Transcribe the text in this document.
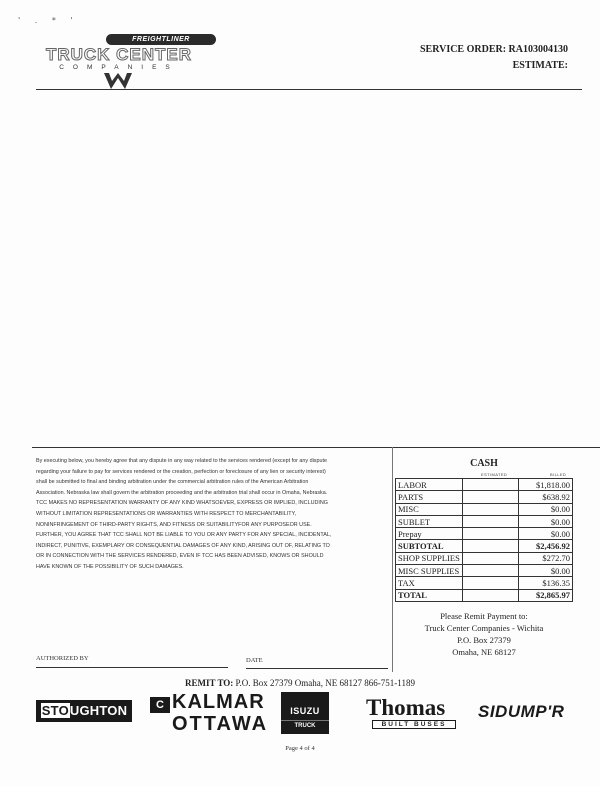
' . * '
FREIGHTLINER
TRUCK CENTER
COMPANIES
SERVICE ORDER: RA103004130
ESTIMATE:
By executing below, you hereby agree that any dispute in any way related to the services rendered (except for any dispute regarding your failure to pay for services rendered or the creation, perfection or foreclosure of any lien or security interest) shall be submitted to final and binding arbitration under the commercial arbitration rules of the American Arbitration Association. Nebraska law shall govern the arbitration proceeding and the arbitration trial shall occur in Omaha, Nebraska. TCC MAKES NO REPRESENTATION WARRANTY OF ANY KIND WHATSOEVER, EXPRESS OR IMPLIED, INCLUDING WITHOUT LIMITATION REPRESENTATIONS OR WARRANTIES WITH RESPECT TO MERCHANTABILITY, NONINFRINGEMENT OF THIRD-PARTY RIGHTS, AND FITNESS OR SUITABILITYFOR ANY PURPOSEOR USE. FURTHER, YOU AGREE THAT TCC SHALL NOT BE LIABLE TO YOU OR ANY PARTY FOR ANY SPECIAL, INCIDENTAL, INDIRECT, PUNITIVE, EXEMPLARY OR CONSEQUENTIAL DAMAGES OF ANY KIND, ARISING OUT OF, RELATING TO OR IN CONNECTION WITH THE SERVICES RENDERED, EVEN IF TCC HAS BEEN ADVISED, KNOWS OR SHOULD HAVE KNOWN OF THE POSSIBILITY OF SUCH DAMAGES.
CASH
ESTIMATED	BILLED
LABOR		$1,818.00
PARTS		$638.92
MISC		$0.00
SUBLET		$0.00
Prepay		$0.00
SUBTOTAL		$2,456.92
SHOP SUPPLIES		$272.70
MISC SUPPLIES		$0.00
TAX		$136.35
TOTAL		$2,865.97
Please Remit Payment to:
Truck Center Companies - Wichita
P.O. Box 27379
Omaha, NE 68127
AUTHORIZED BY	DATE
REMIT TO: P.O. Box 27379 Omaha, NE 68127 866-751-1189
STOUGHTON	C KALMAR
OTTAWA
ISUZU
TRUCK
Thomas
BUILT BUSES
SIDUMP'R
Page 4 of 4
